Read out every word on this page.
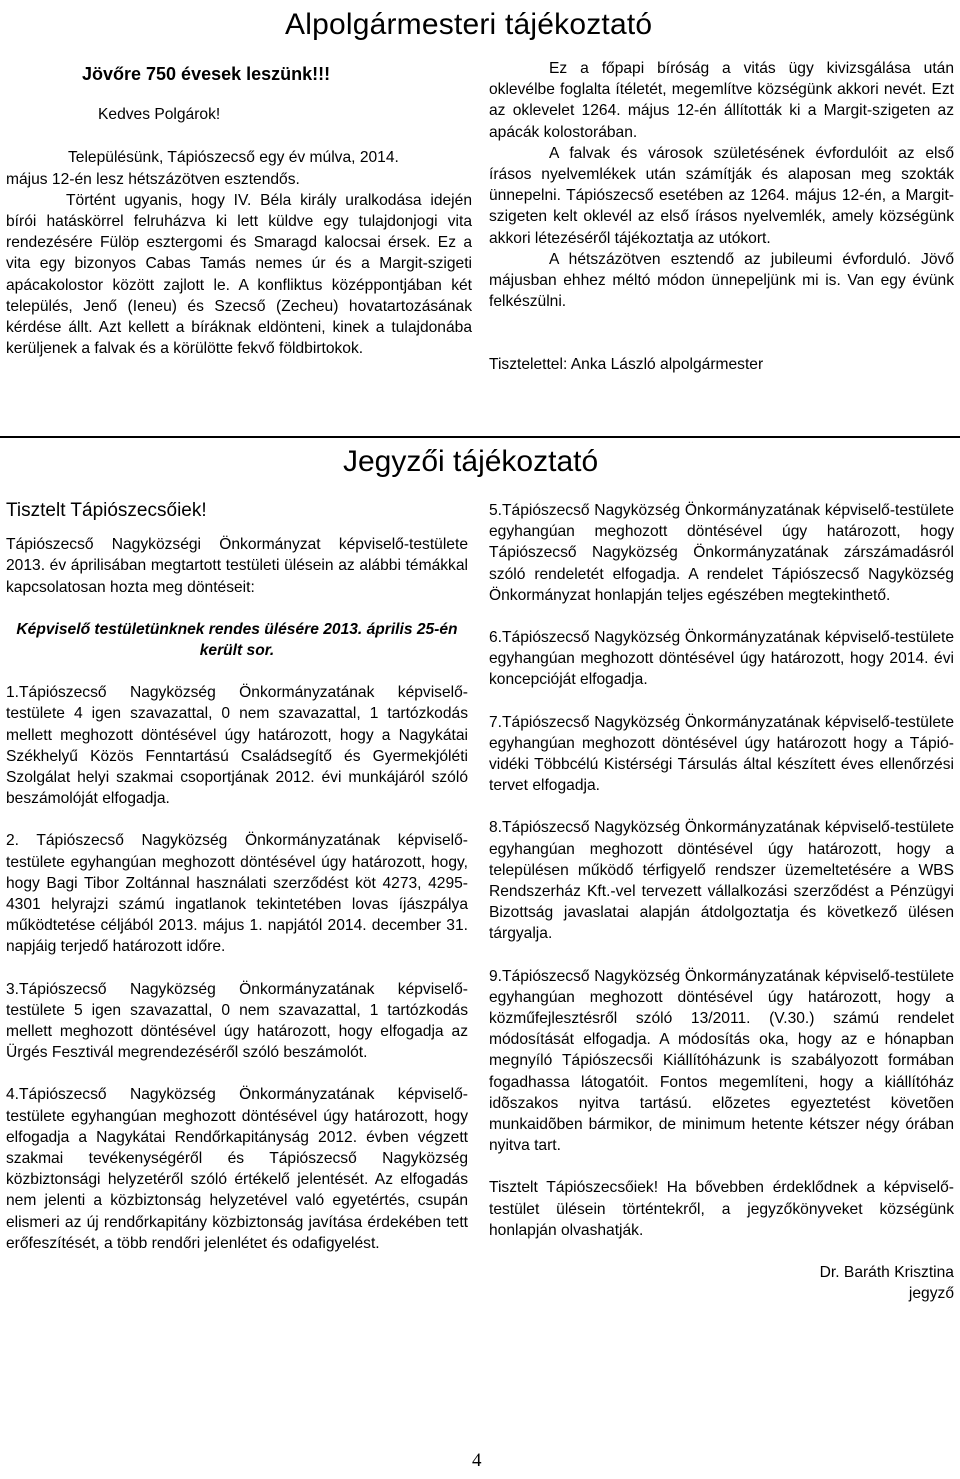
Alpolgármesteri tájékoztató

Jövőre 750 évesek leszünk!!!

Kedves Polgárok!

Településünk, Tápiószecső egy év múlva, 2014.

május 12-én lesz hétszázötven esztendős.

Történt ugyanis, hogy IV. Béla király uralkodása idején bírói hatáskörrel felruházva ki lett küldve egy tulajdonjogi vita rendezésére Fülöp esztergomi és Smaragd kalocsai érsek. Ez a vita egy bizonyos Cabas Tamás nemes úr és a Margit-szigeti apácakolostor között zajlott le. A konfliktus középpontjában két település, Jenő (Ieneu) és Szecső (Zecheu) hovatartozásának kérdése állt. Azt kellett a bíráknak eldönteni, kinek a tulajdonába kerüljenek a falvak és a körülötte fekvő földbirtokok.

Ez a főpapi bíróság a vitás ügy kivizsgálása után oklevélbe foglalta ítéletét, megemlítve községünk akkori nevét. Ezt az oklevelet 1264. május 12-én állították ki a Margit-szigeten az apácák kolostorában.

A falvak és városok születésének évfordulóit az első írásos nyelvemlékek után számítják és alaposan meg szokták ünnepelni. Tápiószecső esetében az 1264. május 12-én, a Margit-szigeten kelt oklevél az első írásos nyelvemlék, amely községünk akkori létezéséről tájékoztatja az utókort.

A hétszázötven esztendő az jubileumi évforduló. Jövő májusban ehhez méltó módon ünnepeljünk mi is. Van egy évünk felkészülni.

Tisztelettel: Anka László alpolgármester

Jegyzői tájékoztató

Tisztelt Tápiószecsőiek!

Tápiószecső Nagyközségi Önkormányzat képviselő-testülete 2013. év áprilisában megtartott testületi ülésein az alábbi témákkal kapcsolatosan hozta meg döntéseit:

Képviselő testületünknek rendes ülésére 2013. április 25-én került sor.

1.Tápiószecső Nagyközség Önkormányzatának képviselő-testülete 4 igen szavazattal, 0 nem szavazattal, 1 tartózkodás mellett meghozott döntésével úgy határozott, hogy a Nagykátai Székhelyű Közös Fenntartású Családsegítő és Gyermekjóléti Szolgálat helyi szakmai csoportjának 2012. évi munkájáról szóló beszámolóját elfogadja.

2. Tápiószecső Nagyközség Önkormányzatának képviselő-testülete egyhangúan meghozott döntésével úgy határozott, hogy, hogy Bagi Tibor Zoltánnal használati szerződést köt 4273, 4295-4301 helyrajzi számú ingatlanok tekintetében lovas íjászpálya működtetése céljából 2013. május 1. napjától 2014. december 31. napjáig terjedő határozott időre.

3.Tápiószecső Nagyközség Önkormányzatának képviselő-testülete 5 igen szavazattal, 0 nem szavazattal, 1 tartózkodás mellett meghozott döntésével úgy határozott, hogy elfogadja az Ürgés Fesztivál megrendezéséről szóló beszámolót.

4.Tápiószecső Nagyközség Önkormányzatának képviselő-testülete egyhangúan meghozott döntésével úgy határozott, hogy elfogadja a Nagykátai Rendőrkapitányság 2012. évben végzett szakmai tevékenységéről és Tápiószecső Nagyközség közbiztonsági helyzetéről szóló értékelő jelentését. Az elfogadás nem jelenti a közbiztonság helyzetével való egyetértés, csupán elismeri az új rendőrkapitány közbiztonság javítása érdekében tett erőfeszítését, a több rendőri jelenlétet és odafigyelést.

5.Tápiószecső Nagyközség Önkormányzatának képviselő-testülete egyhangúan meghozott döntésével úgy határozott, hogy Tápiószecső Nagyközség Önkormányzatának zárszámadásról szóló rendeletét elfogadja. A rendelet Tápiószecső Nagyközség Önkormányzat honlapján teljes egészében megtekinthető.

6.Tápiószecső Nagyközség Önkormányzatának képviselő-testülete egyhangúan meghozott döntésével úgy határozott, hogy 2014. évi koncepcióját elfogadja.

7.Tápiószecső Nagyközség Önkormányzatának képviselő-testülete egyhangúan meghozott döntésével úgy határozott hogy a Tápió-vidéki Többcélú Kistérségi Társulás által készített éves ellenőrzési tervet elfogadja.

8.Tápiószecső Nagyközség Önkormányzatának képviselő-testülete egyhangúan meghozott döntésével úgy határozott, hogy a településen működő térfigyelő rendszer üzemeltetésére a WBS Rendszerház Kft.-vel tervezett vállalkozási szerződést a Pénzügyi Bizottság javaslatai alapján átdolgoztatja és következő ülésen tárgyalja.

9.Tápiószecső Nagyközség Önkormányzatának képviselő-testülete egyhangúan meghozott döntésével úgy határozott, hogy a közműfejlesztésről szóló 13/2011. (V.30.) számú rendelet módosítását elfogadja. A módosítás oka, hogy az e hónapban megnyíló Tápiószecsői Kiállítóházunk is szabályozott formában fogadhassa látogatóit. Fontos megemlíteni, hogy a kiállítóház idõszakos nyitva tartású. elõzetes egyeztetést követõen munkaidõben bármikor, de minimum hetente kétszer négy órában nyitva tart.

Tisztelt Tápiószecsőiek! Ha bővebben érdeklődnek a képviselő-testület ülésein történtekről, a jegyzőkönyveket községünk honlapján olvashatják.

Dr. Baráth Krisztina

jegyző

4
